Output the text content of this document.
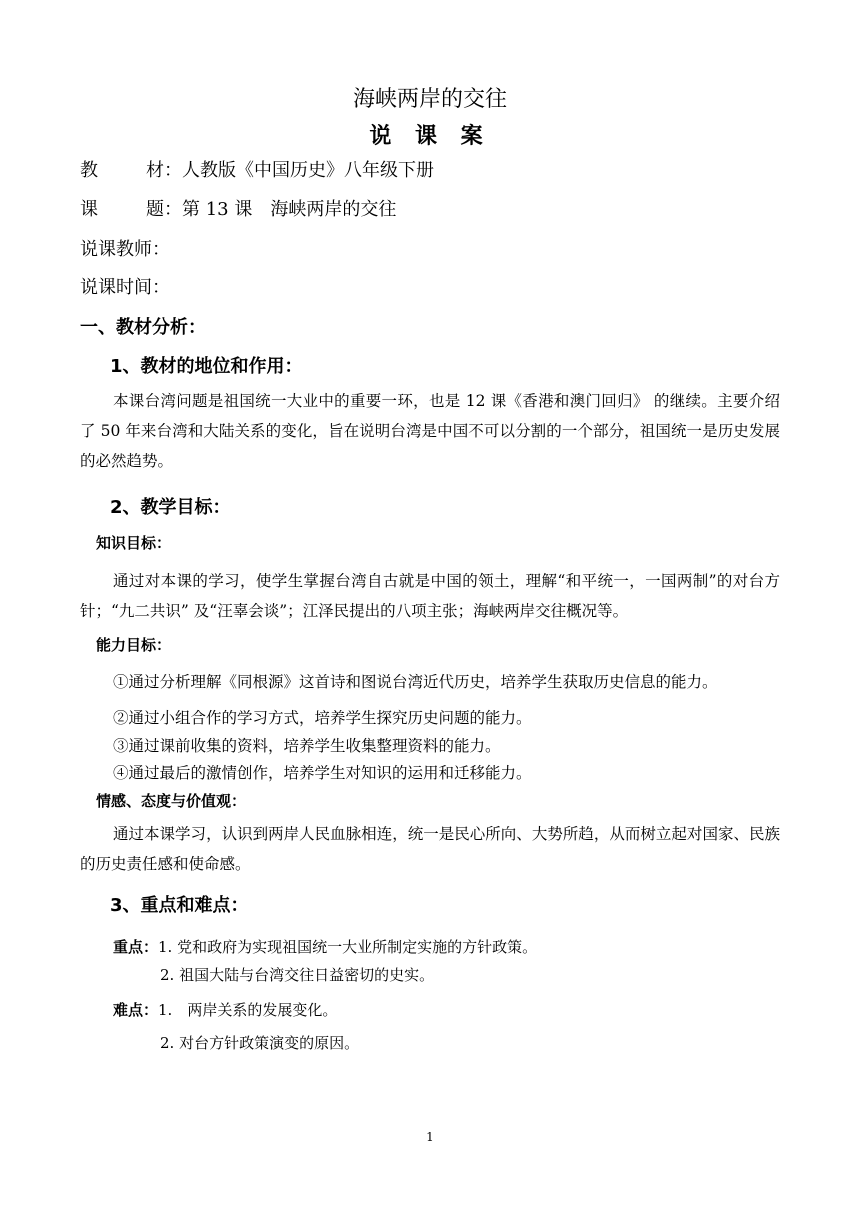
海峡两岸的交往
说 课 案
教	材：人教版《中国历史》八年级下册
课	题：第 13 课　海峡两岸的交往
说课教师：
说课时间：
一、教材分析：
1、教材的地位和作用：
本课台湾问题是祖国统一大业中的重要一环，也是 12 课《香港和澳门回归》 的继续。主要介绍了 50 年来台湾和大陆关系的变化，旨在说明台湾是中国不可以分割的一个部分，祖国统一是历史发展的必然趋势。
2、教学目标：
知识目标：
通过对本课的学习，使学生掌握台湾自古就是中国的领土，理解“和平统一，一国两制”的对台方针；“九二共识” 及“汪辜会谈”；江泽民提出的八项主张；海峡两岸交往概况等。
能力目标：
①通过分析理解《同根源》这首诗和图说台湾近代历史，培养学生获取历史信息的能力。
②通过小组合作的学习方式，培养学生探究历史问题的能力。
③通过课前收集的资料，培养学生收集整理资料的能力。
④通过最后的激情创作，培养学生对知识的运用和迁移能力。
情感、态度与价值观：
通过本课学习，认识到两岸人民血脉相连，统一是民心所向、大势所趋，从而树立起对国家、民族的历史责任感和使命感。
3、重点和难点：
重点：1. 党和政府为实现祖国统一大业所制定实施的方针政策。
2. 祖国大陆与台湾交往日益密切的史实。
难点：1.　两岸关系的发展变化。
2. 对台方针政策演变的原因。
1
